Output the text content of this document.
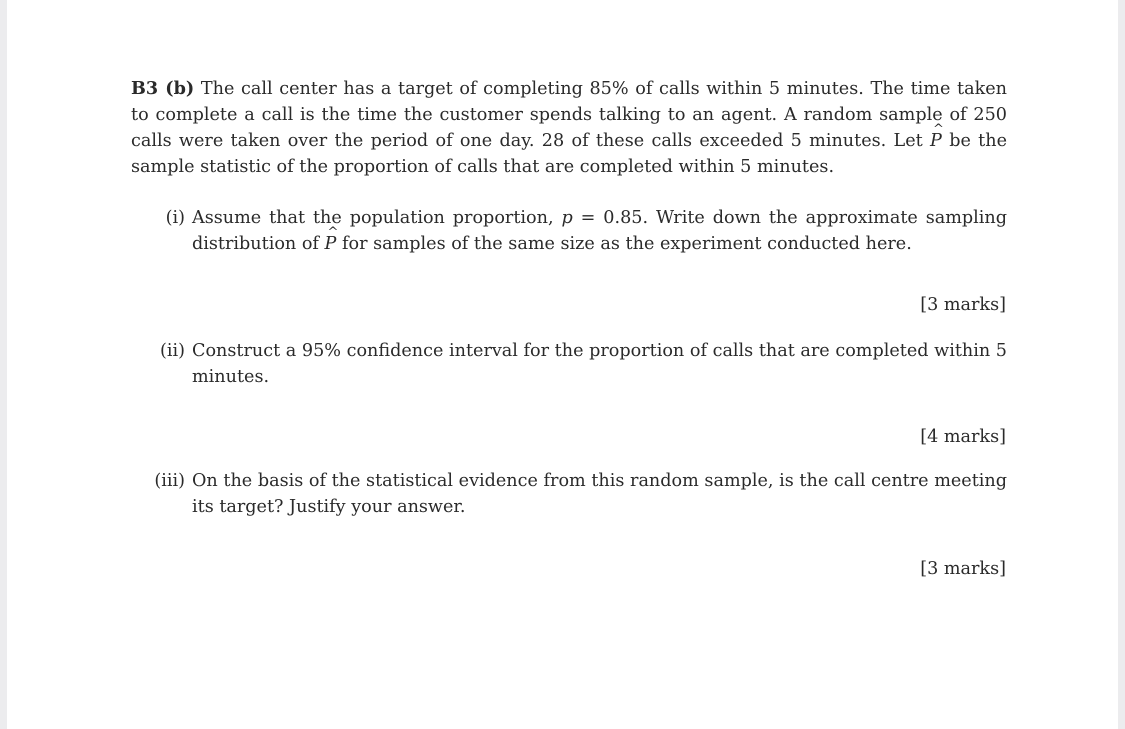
B3 (b) The call center has a target of completing 85% of calls within 5 minutes. The time taken to complete a call is the time the customer spends talking to an agent. A random sample of 250 calls were taken over the period of one day. 28 of these calls exceeded 5 minutes. Let ^ P be the sample statistic of the proportion of calls that are completed within 5 minutes.

(i) Assume that the population proportion, p = 0.85. Write down the approximate sampling distribution of ^ P for samples of the same size as the experiment conducted here.
[3 marks]
(ii) Construct a 95% confidence interval for the proportion of calls that are completed within 5 minutes.
[4 marks]
(iii) On the basis of the statistical evidence from this random sample, is the call centre meeting its target? Justify your answer.
[3 marks]
